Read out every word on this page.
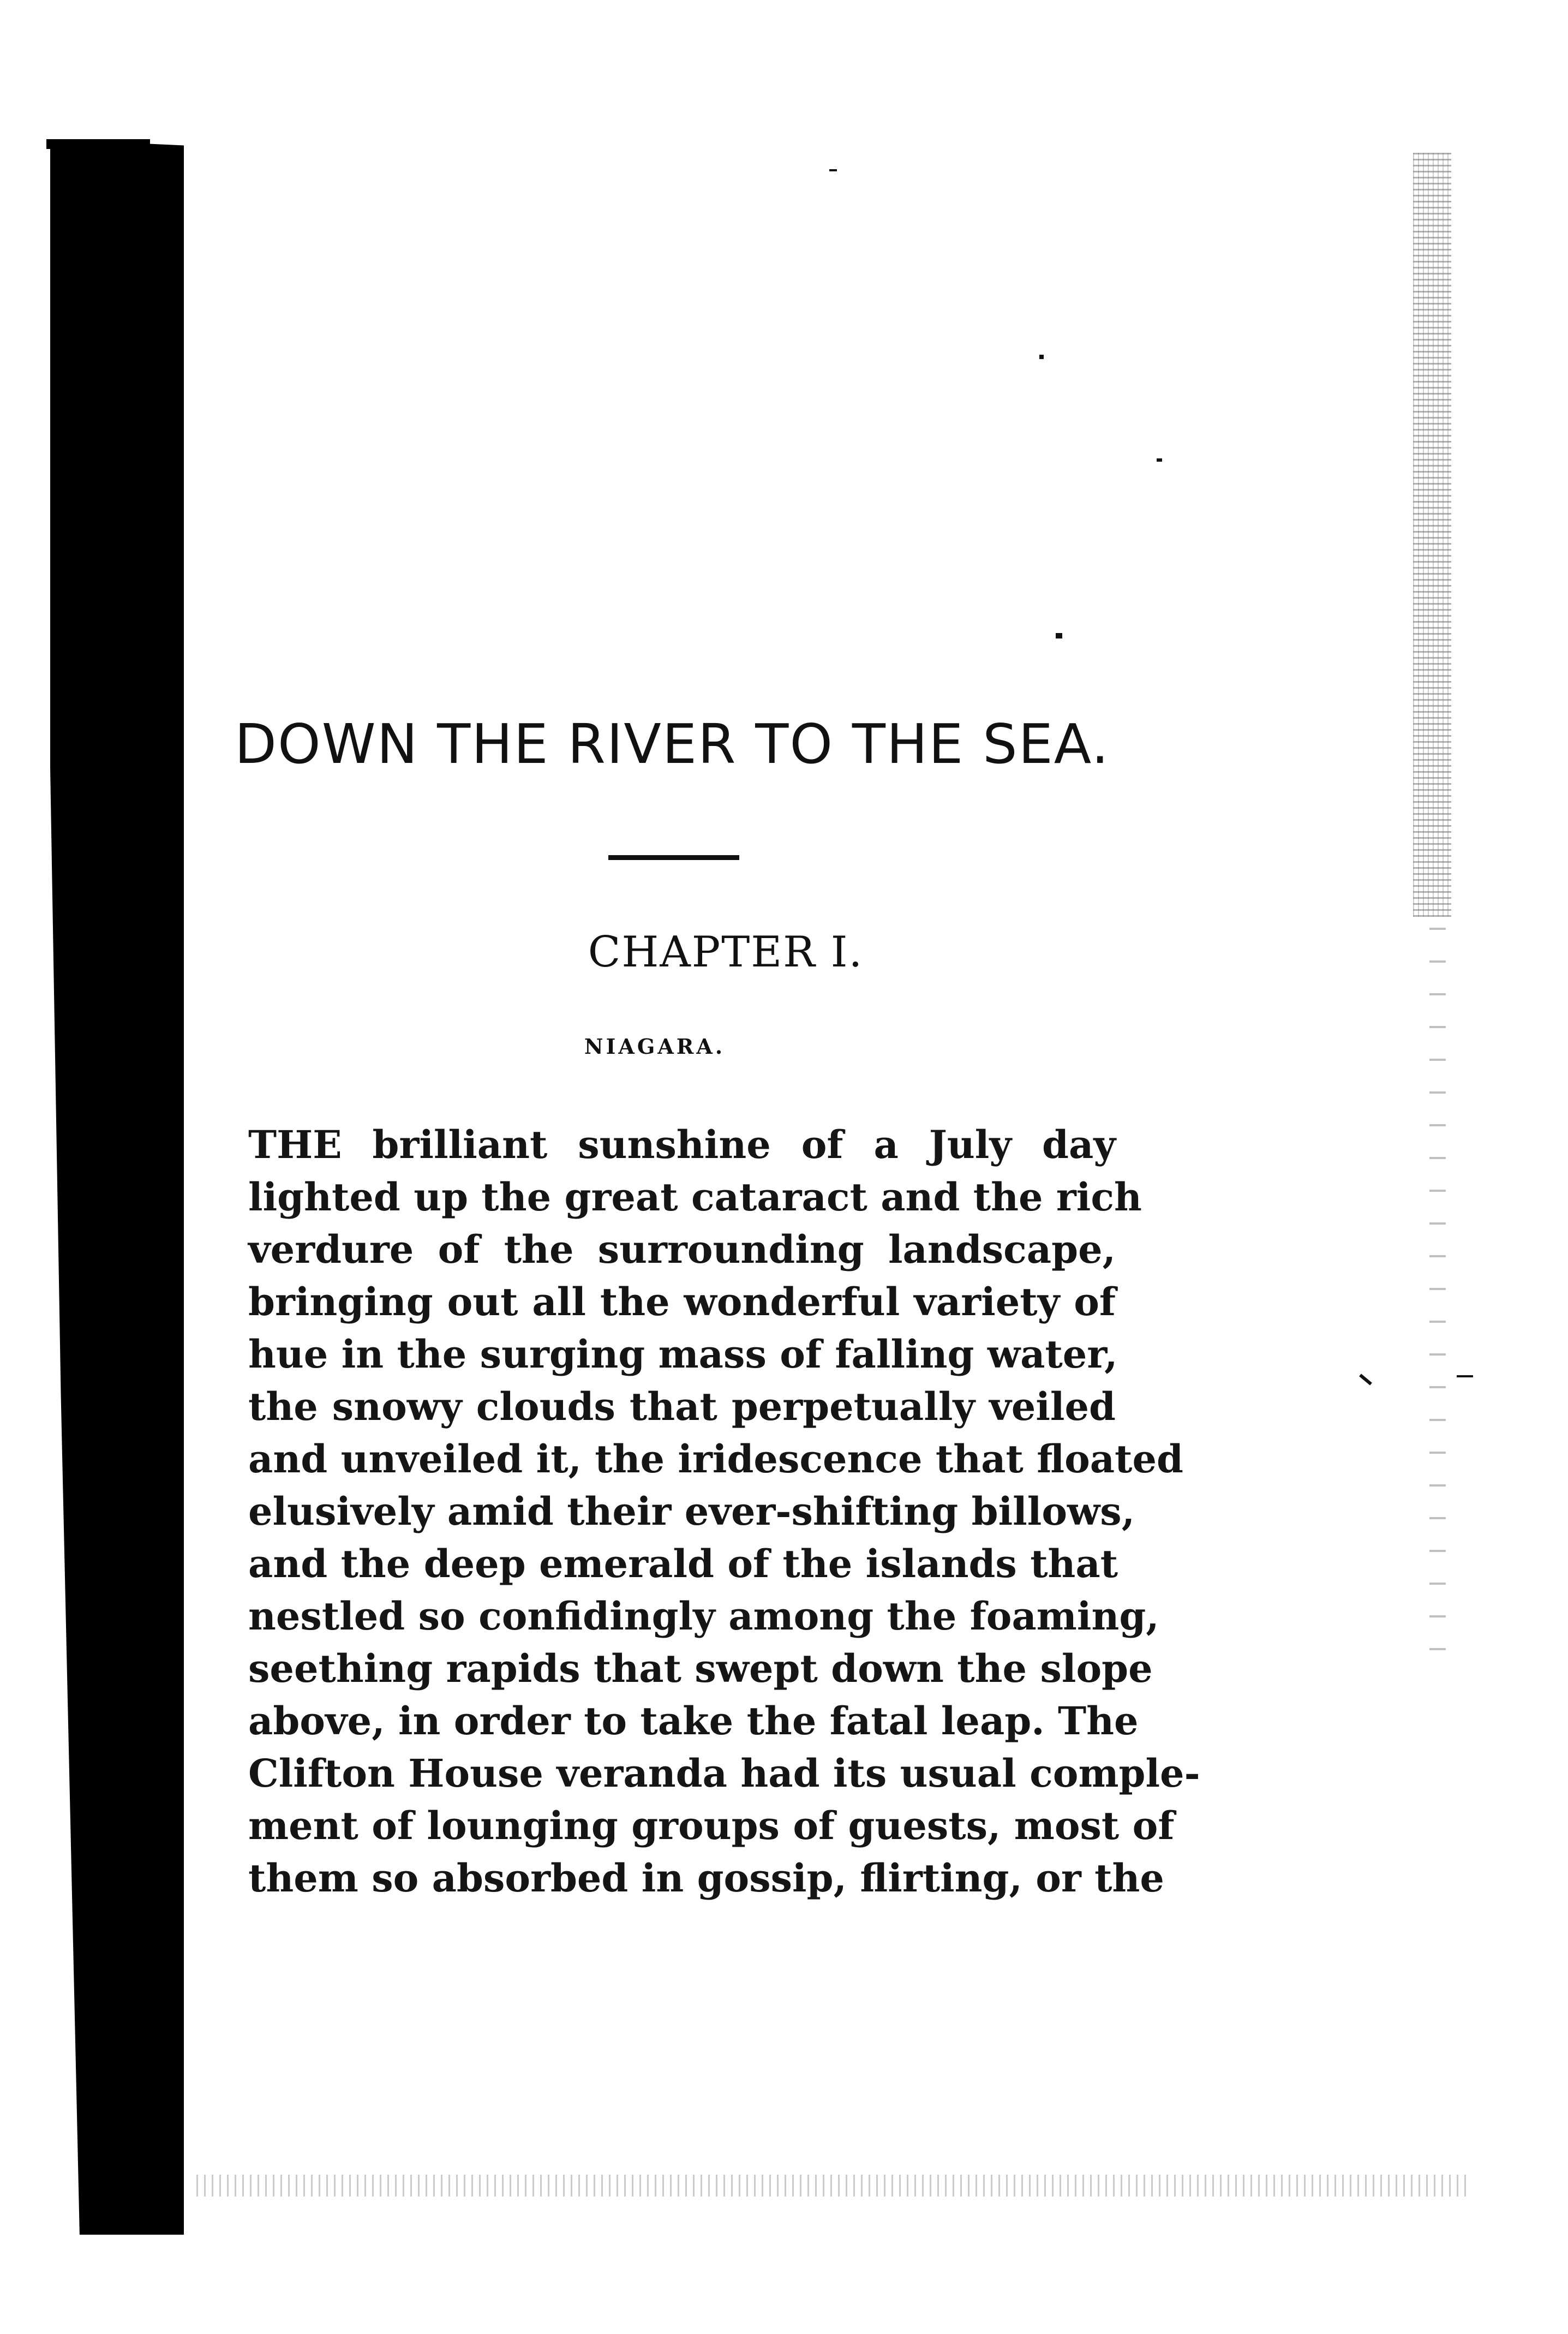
DOWN THE RIVER TO THE SEA.
CHAPTER I.
NIAGARA.
THE brilliant sunshine of a July day
lighted up the great cataract and the rich
verdure of the surrounding landscape,
bringing out all the wonderful variety of
hue in the surging mass of falling water,
the snowy clouds that perpetually veiled
and unveiled it, the iridescence that floated
elusively amid their ever-shifting billows,
and the deep emerald of the islands that
nestled so confidingly among the foaming,
seething rapids that swept down the slope
above, in order to take the fatal leap. The
Clifton House veranda had its usual comple-
ment of lounging groups of guests, most of
them so absorbed in gossip, flirting, or the
